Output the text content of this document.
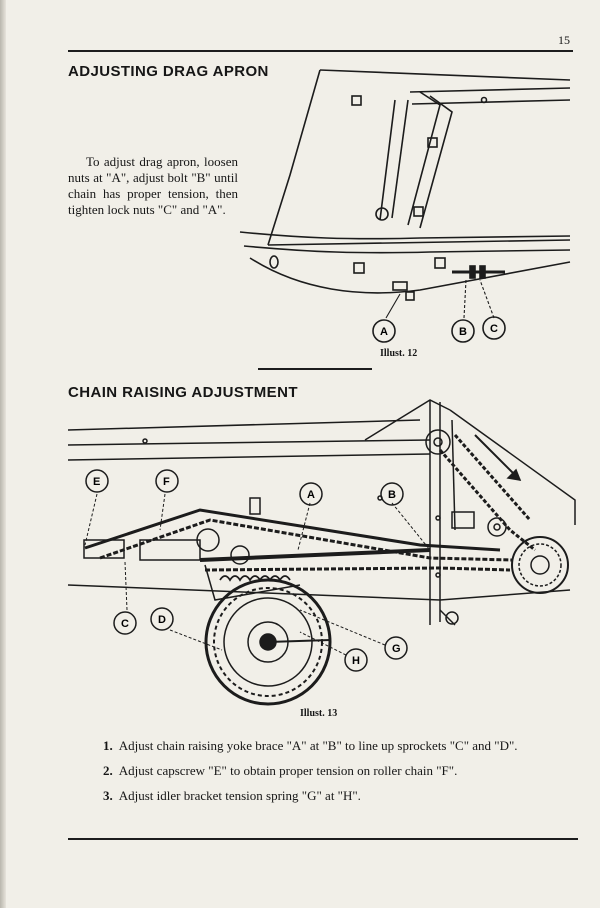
15
ADJUSTING DRAG APRON

To adjust drag apron, loosen nuts at "A", adjust bolt "B" until chain has proper tension, then tighten lock nuts "C" and "A".

A	B C
Illust. 12
CHAIN RAISING ADJUSTMENT
E	F
A	B
C	D
G
H
Illust. 13
1. Adjust chain raising yoke brace "A" at "B" to line up sprockets "C" and "D".
2. Adjust capscrew "E" to obtain proper tension on roller chain "F".
3. Adjust idler bracket tension spring "G" at "H".
